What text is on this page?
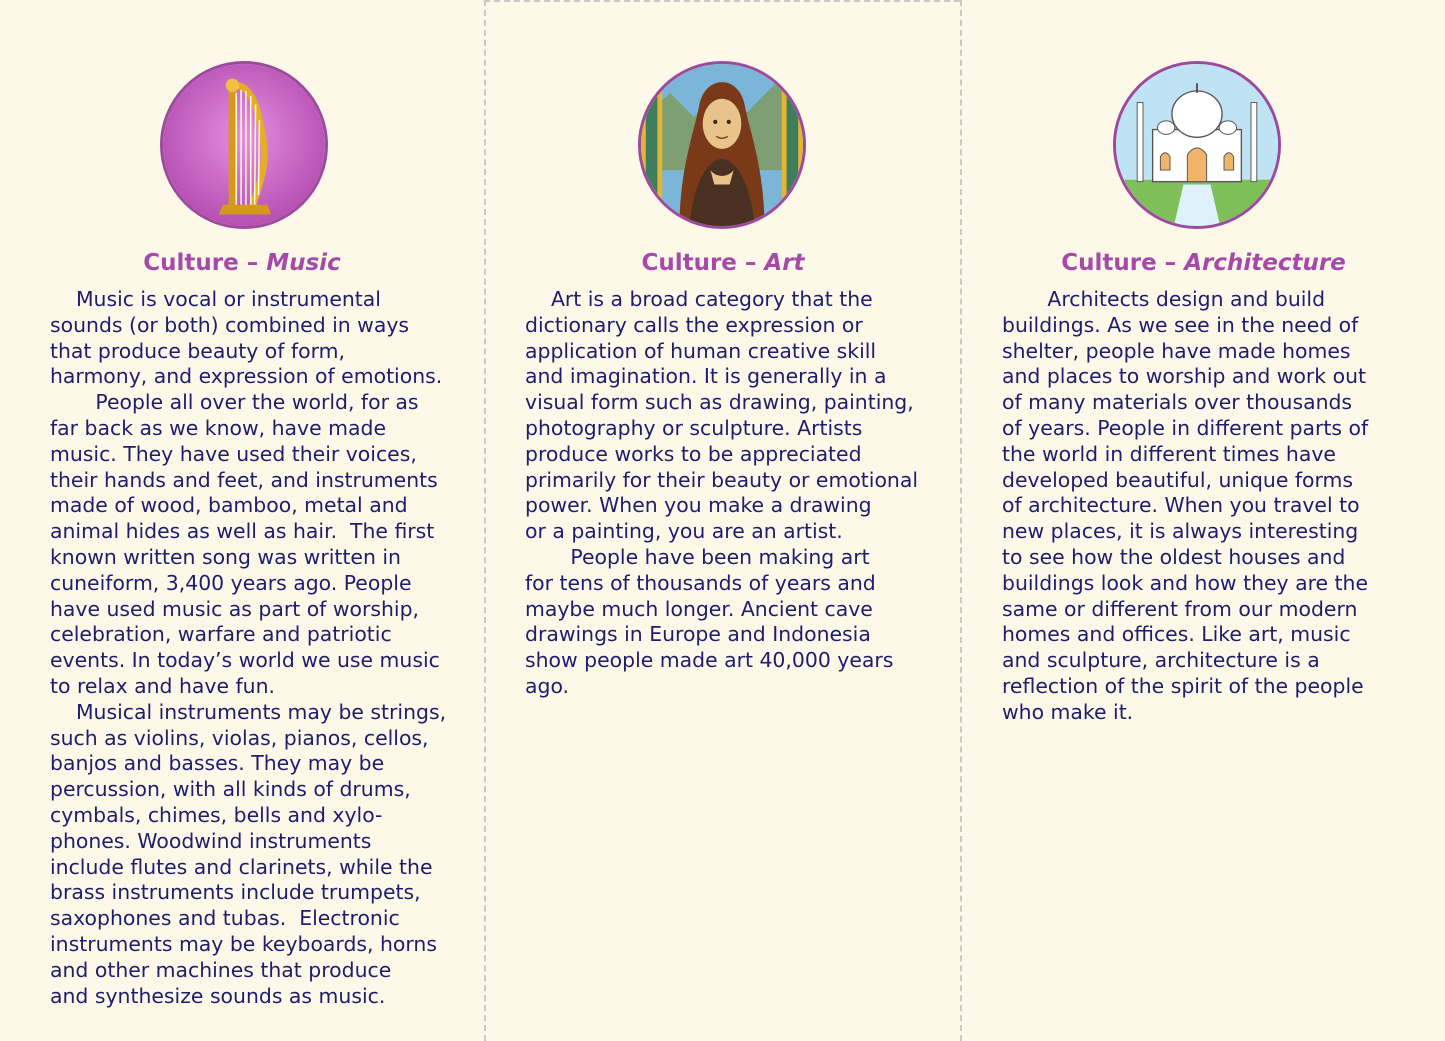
Culture – Music

Music is vocal or instrumental
sounds (or both) combined in ways
that produce beauty of form,
harmony, and expression of emotions.
People all over the world, for as
far back as we know, have made
music. They have used their voices,
their hands and feet, and instruments
made of wood, bamboo, metal and
animal hides as well as hair.  The first
known written song was written in
cuneiform, 3,400 years ago. People
have used music as part of worship,
celebration, warfare and patriotic
events. In today’s world we use music
to relax and have fun.
Musical instruments may be strings,
such as violins, violas, pianos, cellos,
banjos and basses. They may be
percussion, with all kinds of drums,
cymbals, chimes, bells and xylo-
phones. Woodwind instruments
include flutes and clarinets, while the
brass instruments include trumpets,
saxophones and tubas.  Electronic
instruments may be keyboards, horns
and other machines that produce
and synthesize sounds as music.

Culture – Art

Art is a broad category that the
dictionary calls the expression or
application of human creative skill
and imagination. It is generally in a
visual form such as drawing, painting,
photography or sculpture. Artists
produce works to be appreciated
primarily for their beauty or emotional
power. When you make a drawing
or a painting, you are an artist.
People have been making art
for tens of thousands of years and
maybe much longer. Ancient cave
drawings in Europe and Indonesia
show people made art 40,000 years
ago.

Culture – Architecture

Architects design and build
buildings. As we see in the need of
shelter, people have made homes
and places to worship and work out
of many materials over thousands
of years. People in different parts of
the world in different times have
developed beautiful, unique forms
of architecture. When you travel to
new places, it is always interesting
to see how the oldest houses and
buildings look and how they are the
same or different from our modern
homes and offices. Like art, music
and sculpture, architecture is a
reflection of the spirit of the people
who make it.
